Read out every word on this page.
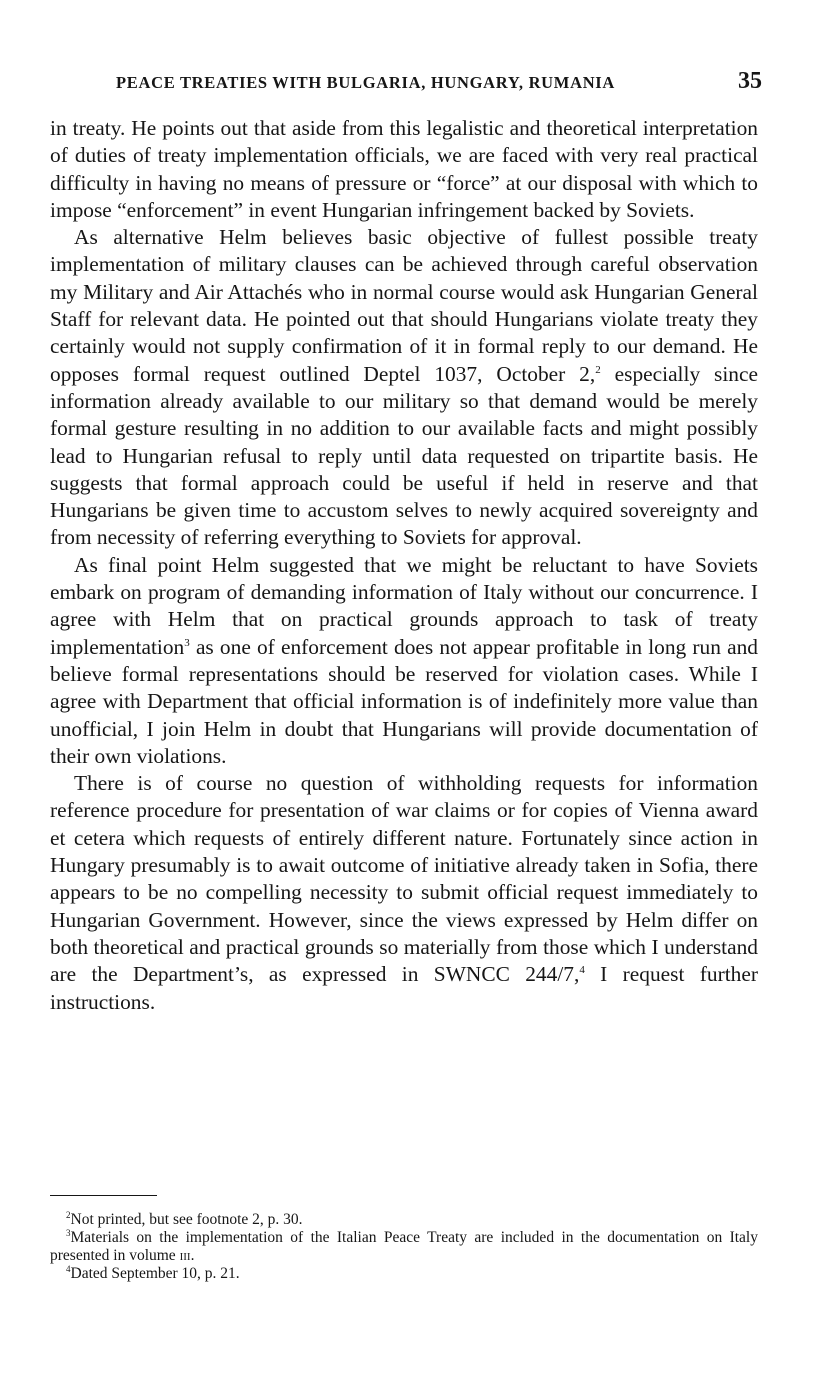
PEACE TREATIES WITH BULGARIA, HUNGARY, RUMANIA	35

in treaty. He points out that aside from this legalistic and theoretical interpretation of duties of treaty implementation officials, we are faced with very real practical difficulty in having no means of pressure or “force” at our disposal with which to impose “enforcement” in event Hungarian infringement backed by Soviets.

As alternative Helm believes basic objective of fullest possible treaty implementation of military clauses can be achieved through careful observation my Military and Air Attachés who in normal course would ask Hungarian General Staff for relevant data. He pointed out that should Hungarians violate treaty they certainly would not supply confirmation of it in formal reply to our demand. He opposes formal request outlined Deptel 1037, October 2,$^2$ especially since information already available to our military so that demand would be merely formal gesture resulting in no addition to our available facts and might possibly lead to Hungarian refusal to reply until data requested on tripartite basis. He suggests that formal approach could be useful if held in reserve and that Hungarians be given time to accustom selves to newly acquired sovereignty and from necessity of referring everything to Soviets for approval.

As final point Helm suggested that we might be reluctant to have Soviets embark on program of demanding information of Italy without our concurrence. I agree with Helm that on practical grounds approach to task of treaty implementation$^3$ as one of enforcement does not appear profitable in long run and believe formal representations should be reserved for violation cases. While I agree with Department that official information is of indefinitely more value than unofficial, I join Helm in doubt that Hungarians will provide documentation of their own violations.

There is of course no question of withholding requests for information reference procedure for presentation of war claims or for copies of Vienna award et cetera which requests of entirely different nature. Fortunately since action in Hungary presumably is to await outcome of initiative already taken in Sofia, there appears to be no compelling necessity to submit official request immediately to Hungarian Government. However, since the views expressed by Helm differ on both theoretical and practical grounds so materially from those which I understand are the Department’s, as expressed in SWNCC 244/7,$^4$ I request further instructions.

$^2$Not printed, but see footnote 2, p. 30.

$^3$Materials on the implementation of the Italian Peace Treaty are included in the documentation on Italy presented in volume iii.

$^4$Dated September 10, p. 21.
